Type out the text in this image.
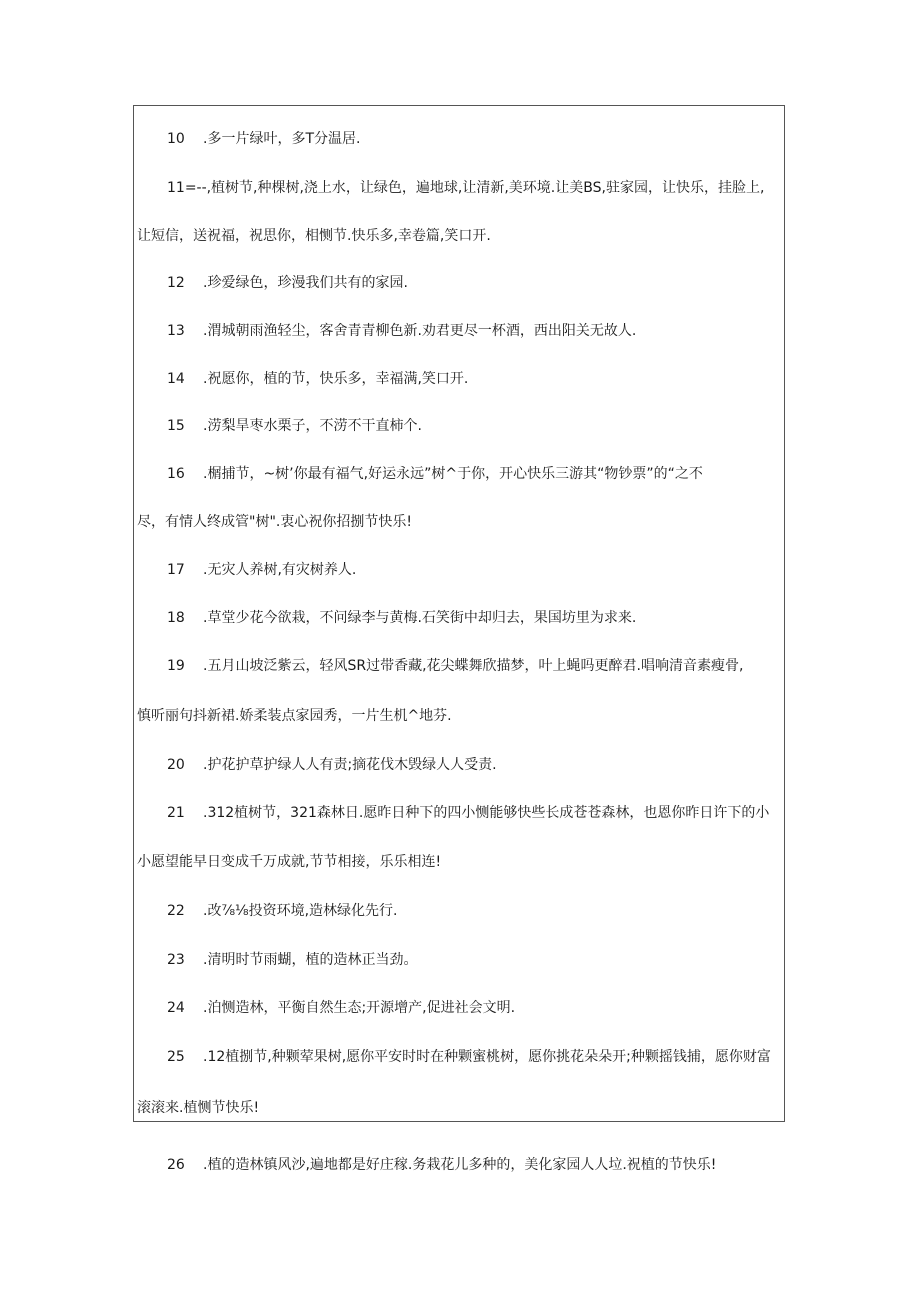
10 .多一片绿叶，多T分温居.
11=--,植树节,种棵树,浇上水，让绿色，遍地球,让清新,美环境.让美BS,驻家园，让快乐，挂脸上,
让短信，送祝福，祝思你，相恻节.快乐多,幸卷篇,笑口开.
12 .珍爱绿色，珍漫我们共有的家园.
13 .渭城朝雨渔轻尘，客舍青青柳色新.劝君更尽一杯酒，西出阳关无故人.
14 .祝愿你，植的节，快乐多，幸福满,笑口开.
15 .涝梨旱枣水栗子，不涝不干直柿个.
16 .榍捕节，~树’你最有福气,好运永远”树^于你，开心快乐三游其“物钞票”的“之不
尽，有情人终成管"树".衷心祝你招捌节快乐!
17 .无灾人养树,有灾树养人.
18 .草堂少花今欲栽，不问绿李与黄梅.石笑街中却归去，果国坊里为求来.
19 .五月山坡泛紫云，轻风SR过带香藏,花尖蝶舞欣描梦，叶上蝇吗更醉君.唱响清音素瘦骨,
慎听丽句抖新裙.娇柔装点家园秀，一片生机^地芬.
20 .护花护草护绿人人有责;摘花伐木毁绿人人受责.
21 .312植树节，321森林日.愿昨日种下的四小恻能够快些长成苍苍森林，也恩你昨日许下的小
小愿望能早日变成千万成就,节节相接，乐乐相连!
22 .改⅞⅛投资环境,造林绿化先行.
23 .清明时节雨蝴，植的造林正当劲。
24 .泊恻造林，平衡自然生态;开源增产,促进社会文明.
25 .12植捌节,种颗荤果树,愿你平安时时在种颗蜜桃树，愿你挑花朵朵开;种颗摇钱捕，愿你财富
滚滚来.植恻节快乐!
26 .植的造林镇风沙,遍地都是好庄稼.务栽花儿多种的，美化家园人人垃.祝植的节快乐!
